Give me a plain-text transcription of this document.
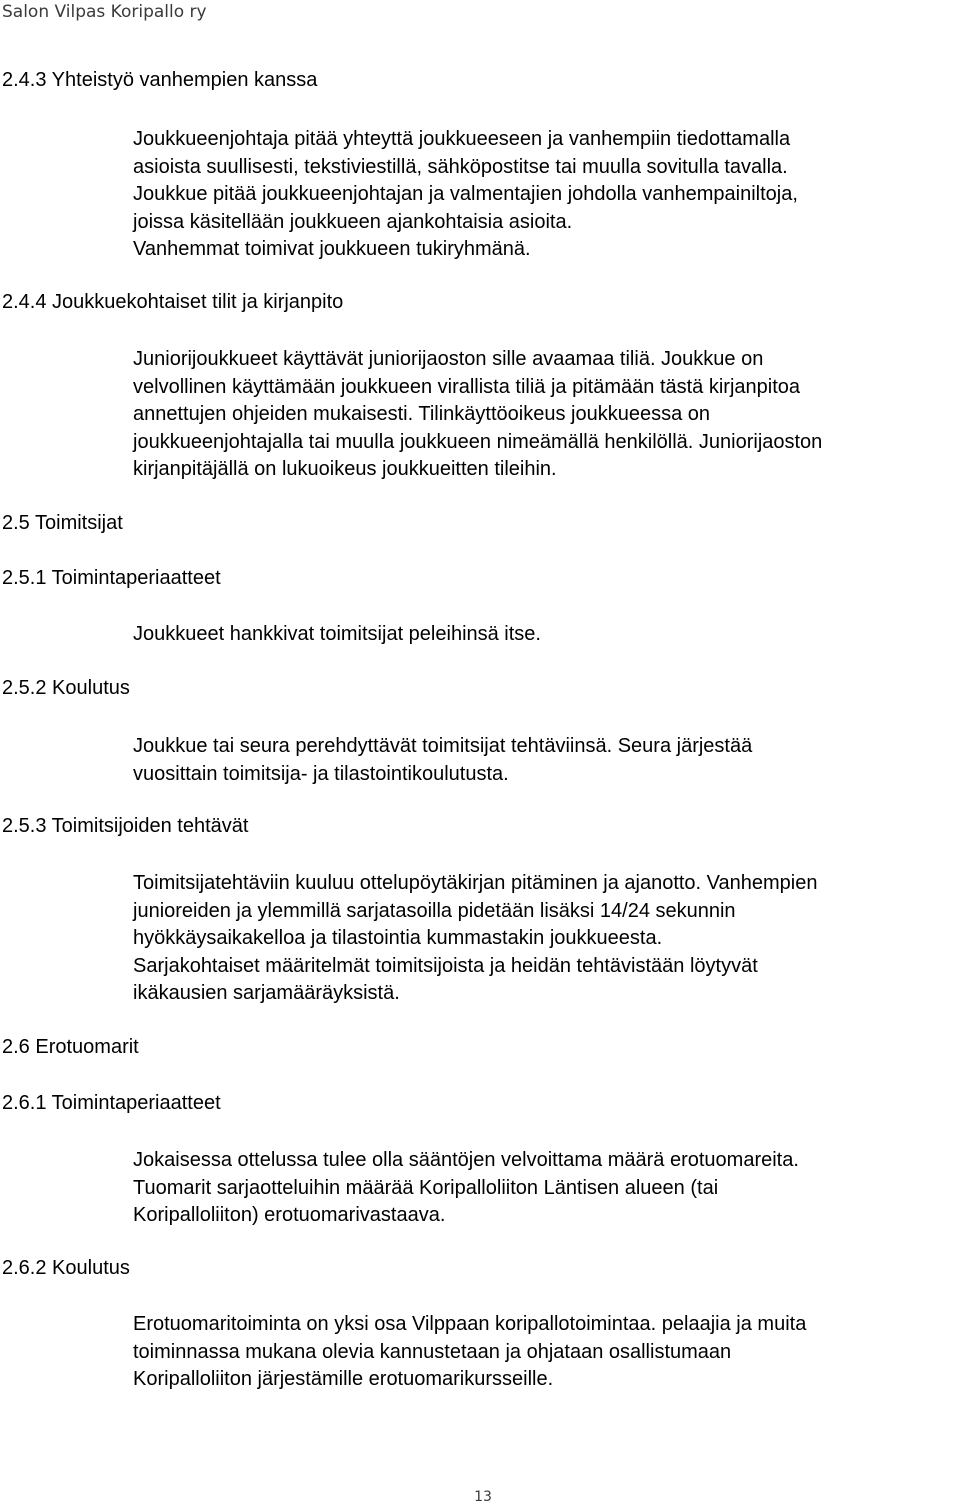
Salon Vilpas Koripallo ry
2.4.3 Yhteistyö vanhempien kanssa
Joukkueenjohtaja pitää yhteyttä joukkueeseen ja vanhempiin tiedottamalla
asioista suullisesti, tekstiviestillä, sähköpostitse tai muulla sovitulla tavalla.
Joukkue pitää joukkueenjohtajan ja valmentajien johdolla vanhempainiltoja,
joissa käsitellään joukkueen ajankohtaisia asioita.
Vanhemmat toimivat joukkueen tukiryhmänä.
2.4.4 Joukkuekohtaiset tilit ja kirjanpito
Juniorijoukkueet käyttävät juniorijaoston sille avaamaa tiliä. Joukkue on
velvollinen käyttämään joukkueen virallista tiliä ja pitämään tästä kirjanpitoa
annettujen ohjeiden mukaisesti. Tilinkäyttöoikeus joukkueessa on
joukkueenjohtajalla tai muulla joukkueen nimeämällä henkilöllä. Juniorijaoston
kirjanpitäjällä on lukuoikeus joukkueitten tileihin.
2.5 Toimitsijat
2.5.1 Toimintaperiaatteet
Joukkueet hankkivat toimitsijat peleihinsä itse.
2.5.2 Koulutus
Joukkue tai seura perehdyttävät toimitsijat tehtäviinsä. Seura järjestää
vuosittain toimitsija- ja tilastointikoulutusta.
2.5.3 Toimitsijoiden tehtävät
Toimitsijatehtäviin kuuluu ottelupöytäkirjan pitäminen ja ajanotto. Vanhempien
junioreiden ja ylemmillä sarjatasoilla pidetään lisäksi 14/24 sekunnin
hyökkäysaikakelloa ja tilastointia kummastakin joukkueesta.
Sarjakohtaiset määritelmät toimitsijoista ja heidän tehtävistään löytyvät
ikäkausien sarjamääräyksistä.
2.6 Erotuomarit
2.6.1 Toimintaperiaatteet
Jokaisessa ottelussa tulee olla sääntöjen velvoittama määrä erotuomareita.
Tuomarit sarjaotteluihin määrää Koripalloliiton Läntisen alueen (tai
Koripalloliiton) erotuomarivastaava.
2.6.2 Koulutus
Erotuomaritoiminta on yksi osa Vilppaan koripallotoimintaa. pelaajia ja muita
toiminnassa mukana olevia kannustetaan ja ohjataan osallistumaan
Koripalloliiton järjestämille erotuomarikursseille.
13
